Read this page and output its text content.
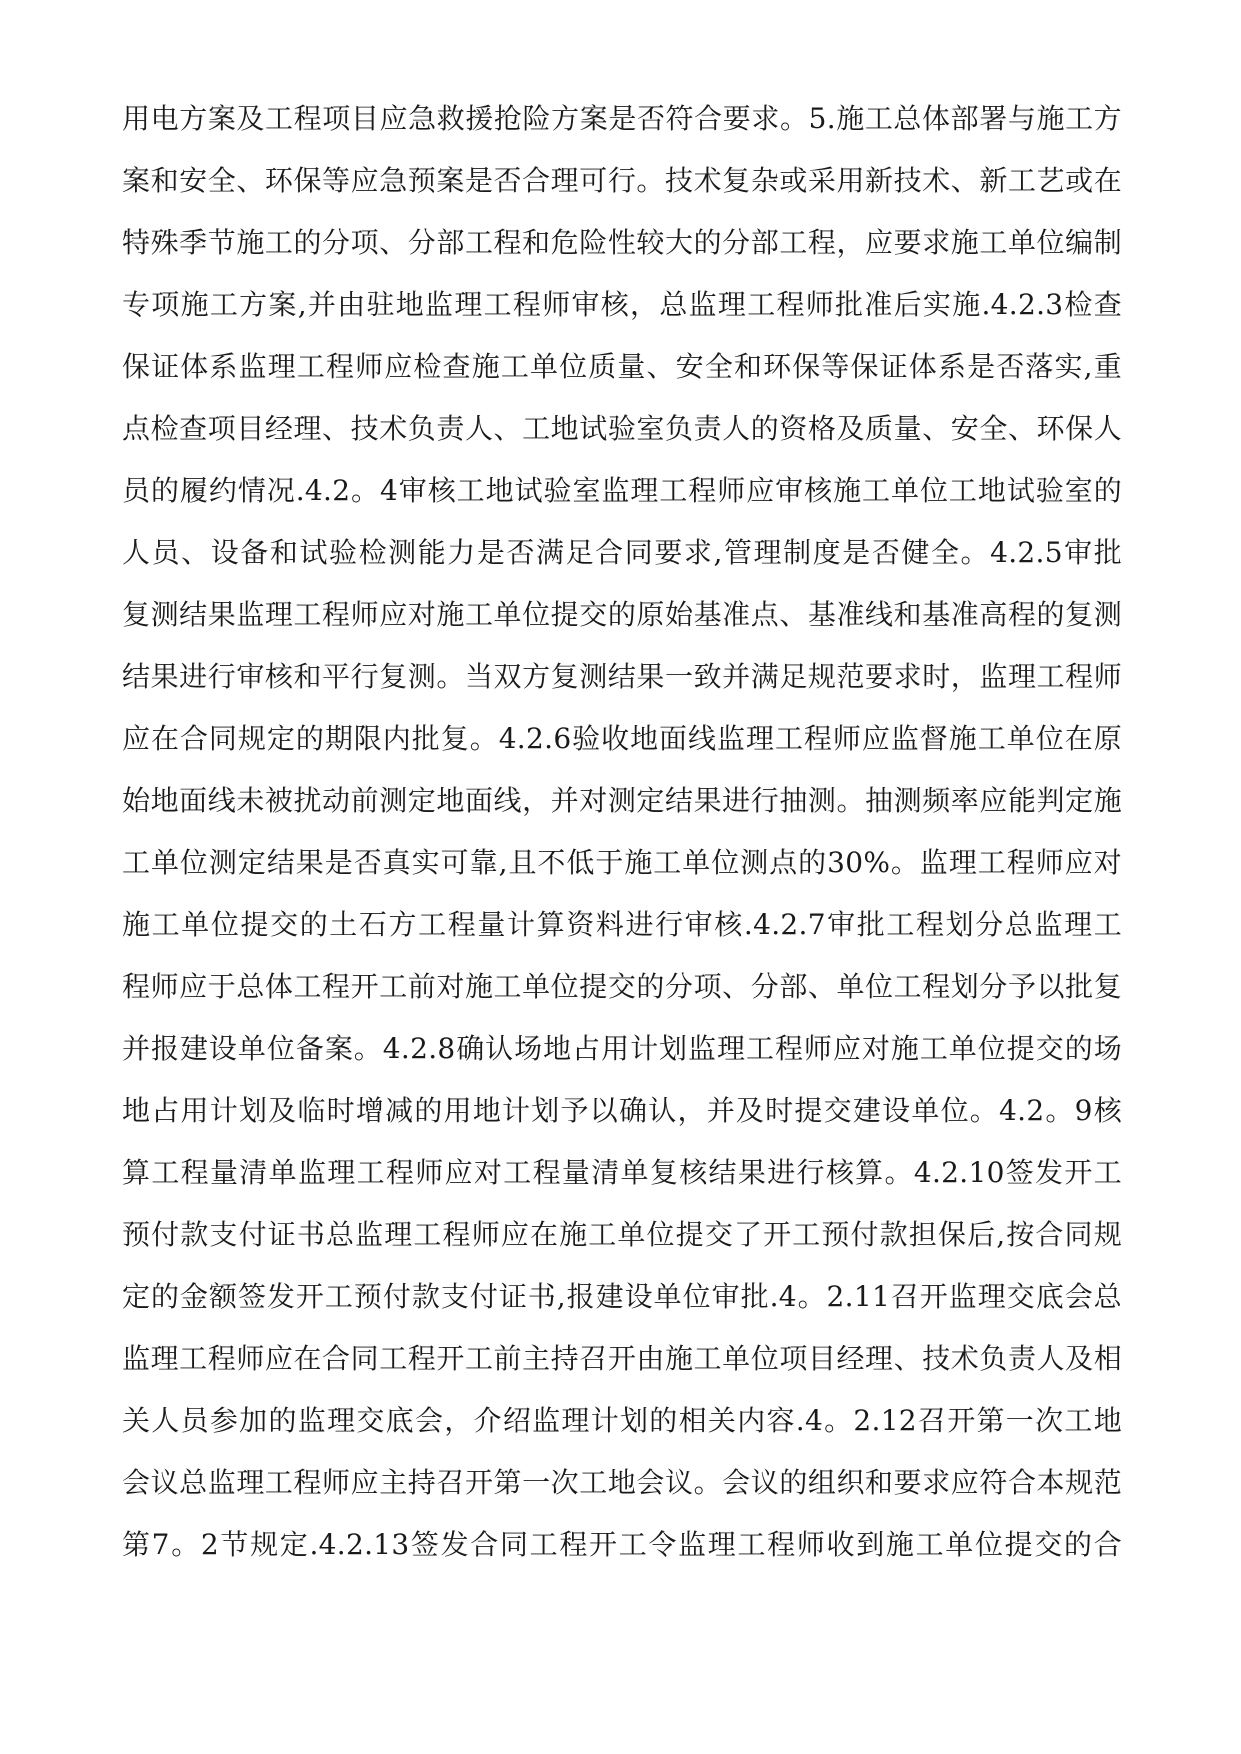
用电方案及工程项目应急救援抢险方案是否符合要求。5.施工总体部署与施工方
案和安全、环保等应急预案是否合理可行。技术复杂或采用新技术、新工艺或在
特殊季节施工的分项、分部工程和危险性较大的分部工程，应要求施工单位编制
专项施工方案,并由驻地监理工程师审核，总监理工程师批准后实施.4.2.3检查
保证体系监理工程师应检查施工单位质量、安全和环保等保证体系是否落实,重
点检查项目经理、技术负责人、工地试验室负责人的资格及质量、安全、环保人
员的履约情况.4.2。4审核工地试验室监理工程师应审核施工单位工地试验室的
人员、设备和试验检测能力是否满足合同要求,管理制度是否健全。4.2.5审批
复测结果监理工程师应对施工单位提交的原始基准点、基准线和基准高程的复测
结果进行审核和平行复测。当双方复测结果一致并满足规范要求时，监理工程师
应在合同规定的期限内批复。4.2.6验收地面线监理工程师应监督施工单位在原
始地面线未被扰动前测定地面线，并对测定结果进行抽测。抽测频率应能判定施
工单位测定结果是否真实可靠,且不低于施工单位测点的30%。监理工程师应对
施工单位提交的土石方工程量计算资料进行审核.4.2.7审批工程划分总监理工
程师应于总体工程开工前对施工单位提交的分项、分部、单位工程划分予以批复
并报建设单位备案。4.2.8确认场地占用计划监理工程师应对施工单位提交的场
地占用计划及临时增减的用地计划予以确认，并及时提交建设单位。4.2。9核
算工程量清单监理工程师应对工程量清单复核结果进行核算。4.2.10签发开工
预付款支付证书总监理工程师应在施工单位提交了开工预付款担保后,按合同规
定的金额签发开工预付款支付证书,报建设单位审批.4。2.11召开监理交底会总
监理工程师应在合同工程开工前主持召开由施工单位项目经理、技术负责人及相
关人员参加的监理交底会，介绍监理计划的相关内容.4。2.12召开第一次工地
会议总监理工程师应主持召开第一次工地会议。会议的组织和要求应符合本规范
第7。2节规定.4.2.13签发合同工程开工令监理工程师收到施工单位提交的合
